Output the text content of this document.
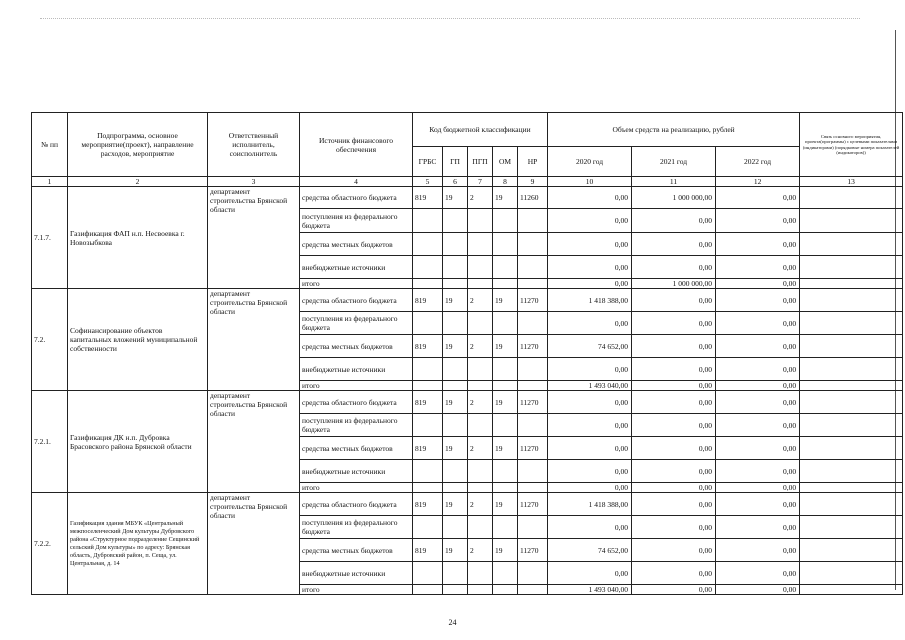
№ пп	Подпрограмма, основное мероприятие(проект), направление расходов, мероприятие	Ответственный исполнитель, соисполнитель	Источник финансового обеспечения	Код бюджетной классификации					Объем средств на реализацию, рублей			Связь основного мероприятия, проекта(программы) с целевыми показателями (индикаторами) (порядковые номера показателей (индикаторов))
				ГРБС	ГП	ПГП	ОМ	НР	2020 год	2021 год	2022 год	
1	2	3	4	5	6	7	8	9	10	11	12	13
7.1.7.	Газификация ФАП н.п. Несвоевка г. Новозыбкова	департамент строительства Брянской области	средства областного бюджета	819	19	2	19	11260	0,00	1 000 000,00	0,00	
			поступления из федерального бюджета						0,00	0,00	0,00	
			средства местных бюджетов						0,00	0,00	0,00	
			внебюджетные источники						0,00	0,00	0,00	
			итого						0,00	1 000 000,00	0,00	
7.2.	Софинансирование объектов капитальных вложений муниципальной собственности	департамент строительства Брянской области	средства областного бюджета	819	19	2	19	11270	1 418 388,00	0,00	0,00	
			поступления из федерального бюджета						0,00	0,00	0,00	
			средства местных бюджетов	819	19	2	19	11270	74 652,00	0,00	0,00	
			внебюджетные источники						0,00	0,00	0,00	
			итого						1 493 040,00	0,00	0,00	
7.2.1.	Газификация ДК н.п. Дубровка Брасовского района Брянской области	департамент строительства Брянской области	средства областного бюджета	819	19	2	19	11270	0,00	0,00	0,00	
			поступления из федерального бюджета						0,00	0,00	0,00	
			средства местных бюджетов	819	19	2	19	11270	0,00	0,00	0,00	
			внебюджетные источники						0,00	0,00	0,00	
			итого						0,00	0,00	0,00	
7.2.2.	Газификация здания МБУК «Центральный межпоселенческий Дом культуры Дубровского района «Структурное подразделение Сещинский сельский Дом культуры» по адресу: Брянская область, Дубровский район, п. Сеща, ул. Центральная, д. 14	департамент строительства Брянской области	средства областного бюджета	819	19	2	19	11270	1 418 388,00	0,00	0,00	
			поступления из федерального бюджета						0,00	0,00	0,00	
			средства местных бюджетов	819	19	2	19	11270	74 652,00	0,00	0,00	
			внебюджетные источники						0,00	0,00	0,00	
			итого						1 493 040,00	0,00	0,00	
24
